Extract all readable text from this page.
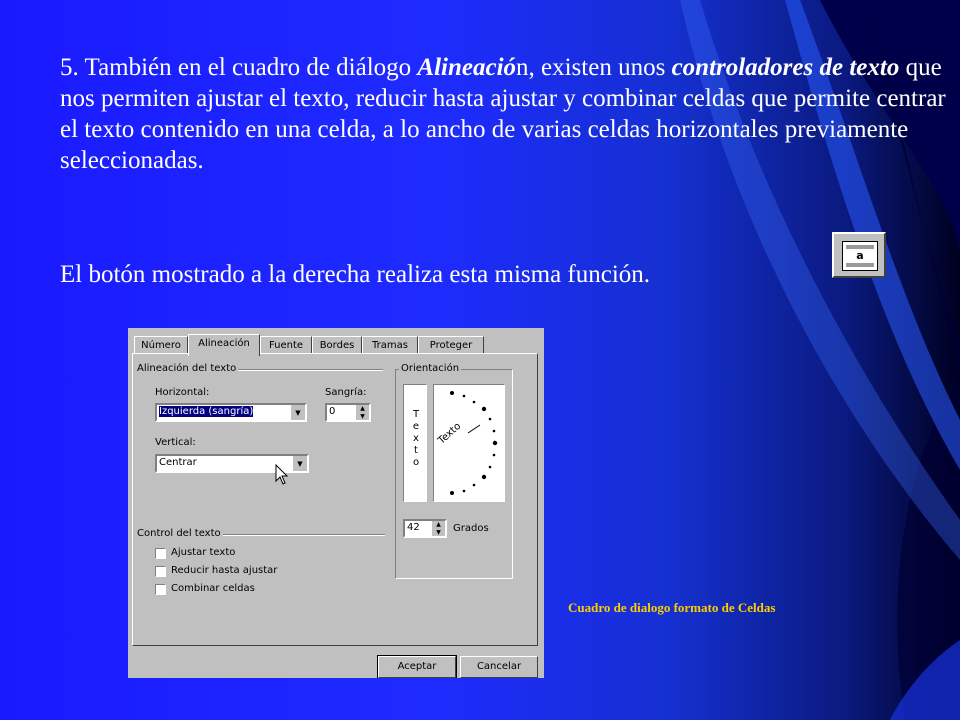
5. También en el cuadro de diálogo Alineación, existen unos controladores de texto que nos permiten ajustar el texto, reducir hasta ajustar y combinar celdas que permite centrar el texto contenido en una celda, a lo ancho de varias celdas horizontales previamente seleccionadas.

El botón mostrado a la derecha realiza esta misma función.

a
Número	Alineación	Fuente	Bordes	Tramas	Proteger
Alineación del texto
Horizontal:
Izquierda (sangría)	▼
Sangría:
0	▲
▼
Vertical:
Centrar	▼
Orientación
T
e
x
t
o
Texto
42	▲
▼	Grados
Control del texto
Ajustar texto
Reducir hasta ajustar
Combinar celdas
Aceptar	Cancelar
Cuadro de dialogo formato de Celdas
